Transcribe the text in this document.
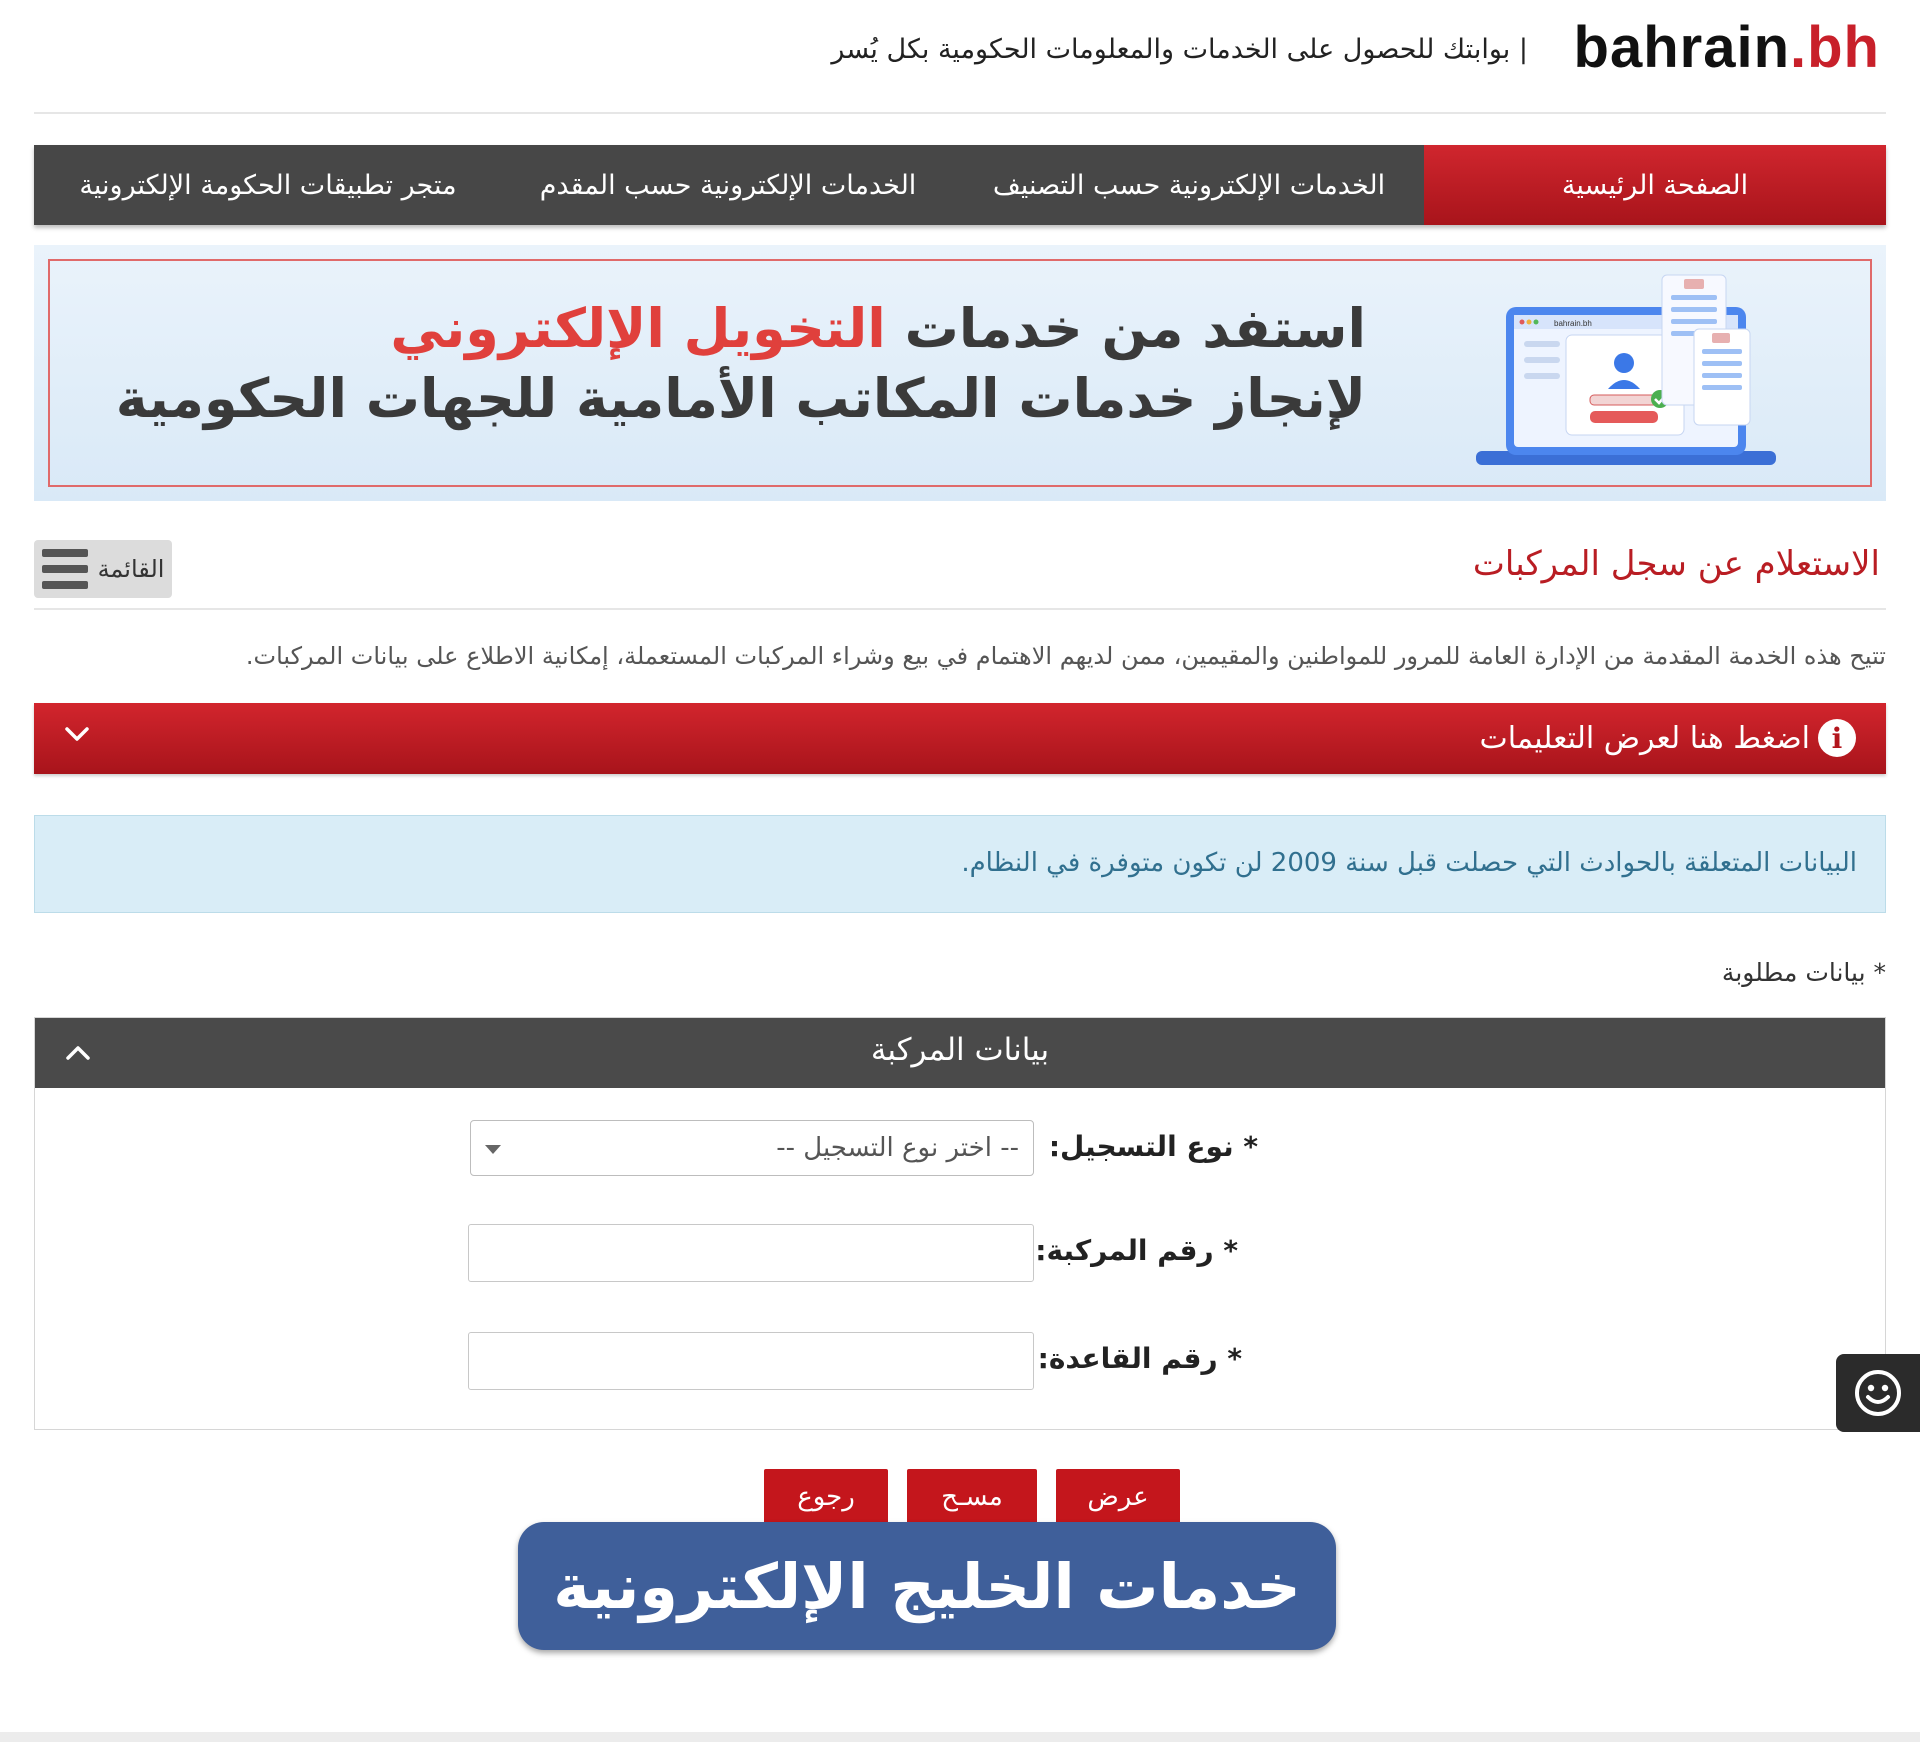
bahrain.bh
| بوابتك للحصول على الخدمات والمعلومات الحكومية بكل يُسر
الصفحة الرئيسية
الخدمات الإلكترونية حسب التصنيف
الخدمات الإلكترونية حسب المقدم
متجر تطبيقات الحكومة الإلكترونية
استفد من خدمات التخويل الإلكتروني
لإنجاز خدمات المكاتب الأمامية للجهات الحكومية
bahrain.bh
الاستعلام عن سجل المركبات
القائمة
تتيح هذه الخدمة المقدمة من الإدارة العامة للمرور للمواطنين والمقيمين، ممن لديهم الاهتمام في بيع وشراء المركبات المستعملة، إمكانية الاطلاع على بيانات المركبات.
i
اضغط هنا لعرض التعليمات
البيانات المتعلقة بالحوادث التي حصلت قبل سنة 2009 لن تكون متوفرة في النظام.
* بيانات مطلوبة
بيانات المركبة
* نوع التسجيل:
-- اختر نوع التسجيل --
* رقم المركبة:
* رقم القاعدة:
عرض
مسـح
رجوع
خدمات الخليج الإلكترونية
